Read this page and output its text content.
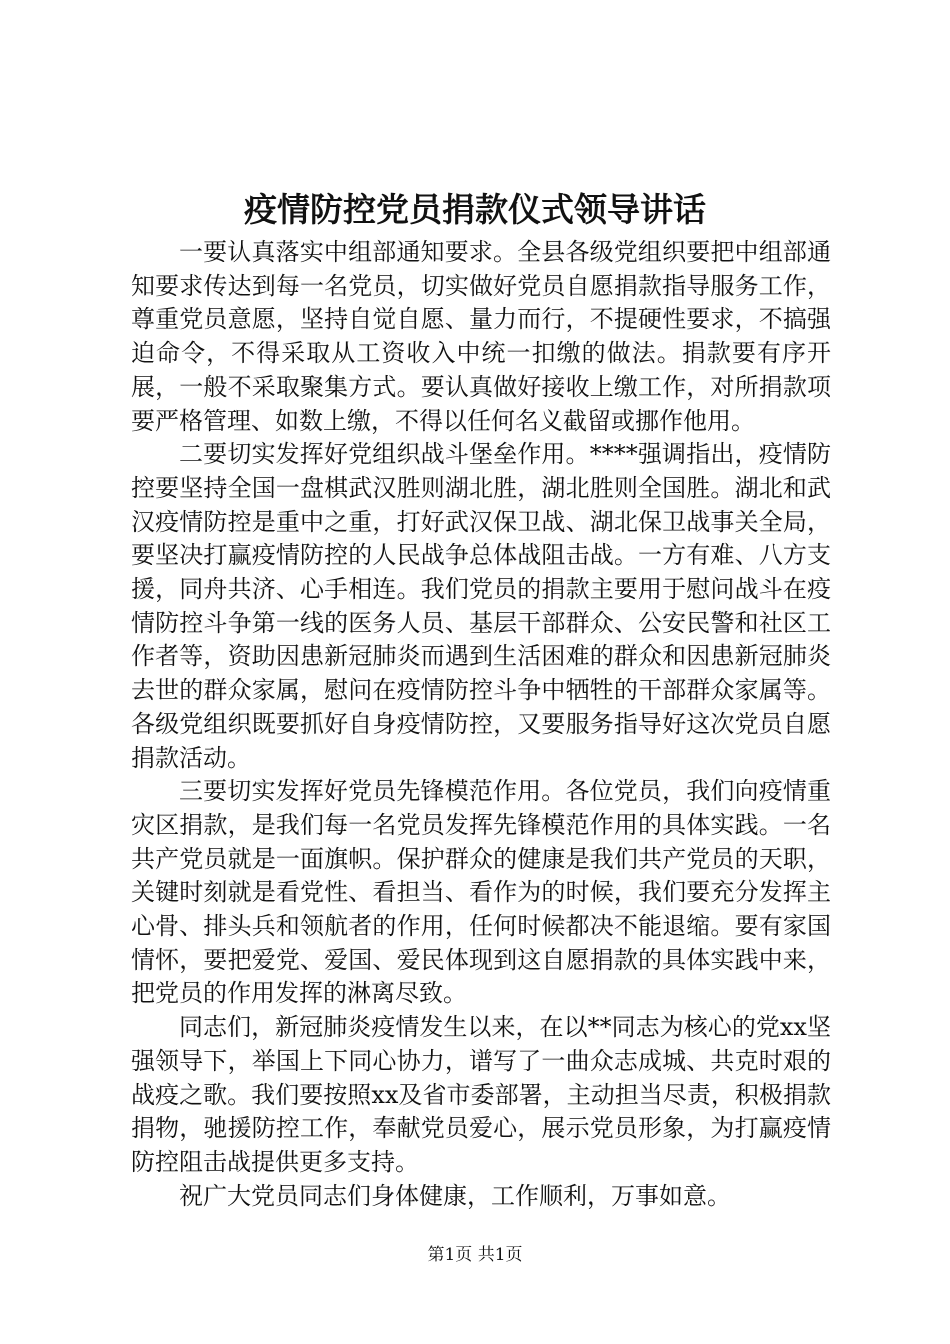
疫情防控党员捐款仪式领导讲话

一要认真落实中组部通知要求。全县各级党组织要把中组部通知要求传达到每一名党员，切实做好党员自愿捐款指导服务工作，尊重党员意愿，坚持自觉自愿、量力而行，不提硬性要求，不搞强迫命令，不得采取从工资收入中统一扣缴的做法。捐款要有序开展，一般不采取聚集方式。要认真做好接收上缴工作，对所捐款项要严格管理、如数上缴，不得以任何名义截留或挪作他用。

二要切实发挥好党组织战斗堡垒作用。****强调指出，疫情防控要坚持全国一盘棋武汉胜则湖北胜，湖北胜则全国胜。湖北和武汉疫情防控是重中之重，打好武汉保卫战、湖北保卫战事关全局，要坚决打赢疫情防控的人民战争总体战阻击战。一方有难、八方支援，同舟共济、心手相连。我们党员的捐款主要用于慰问战斗在疫情防控斗争第一线的医务人员、基层干部群众、公安民警和社区工作者等，资助因患新冠肺炎而遇到生活困难的群众和因患新冠肺炎去世的群众家属，慰问在疫情防控斗争中牺牲的干部群众家属等。各级党组织既要抓好自身疫情防控，又要服务指导好这次党员自愿捐款活动。

三要切实发挥好党员先锋模范作用。各位党员，我们向疫情重灾区捐款，是我们每一名党员发挥先锋模范作用的具体实践。一名共产党员就是一面旗帜。保护群众的健康是我们共产党员的天职，关键时刻就是看党性、看担当、看作为的时候，我们要充分发挥主心骨、排头兵和领航者的作用，任何时候都决不能退缩。要有家国情怀，要把爱党、爱国、爱民体现到这自愿捐款的具体实践中来，把党员的作用发挥的淋离尽致。

同志们，新冠肺炎疫情发生以来，在以**同志为核心的党xx坚强领导下，举国上下同心协力，谱写了一曲众志成城、共克时艰的战疫之歌。我们要按照xx及省市委部署，主动担当尽责，积极捐款捐物，驰援防控工作，奉献党员爱心，展示党员形象，为打赢疫情防控阻击战提供更多支持。

祝广大党员同志们身体健康，工作顺利，万事如意。

第1页 共1页
